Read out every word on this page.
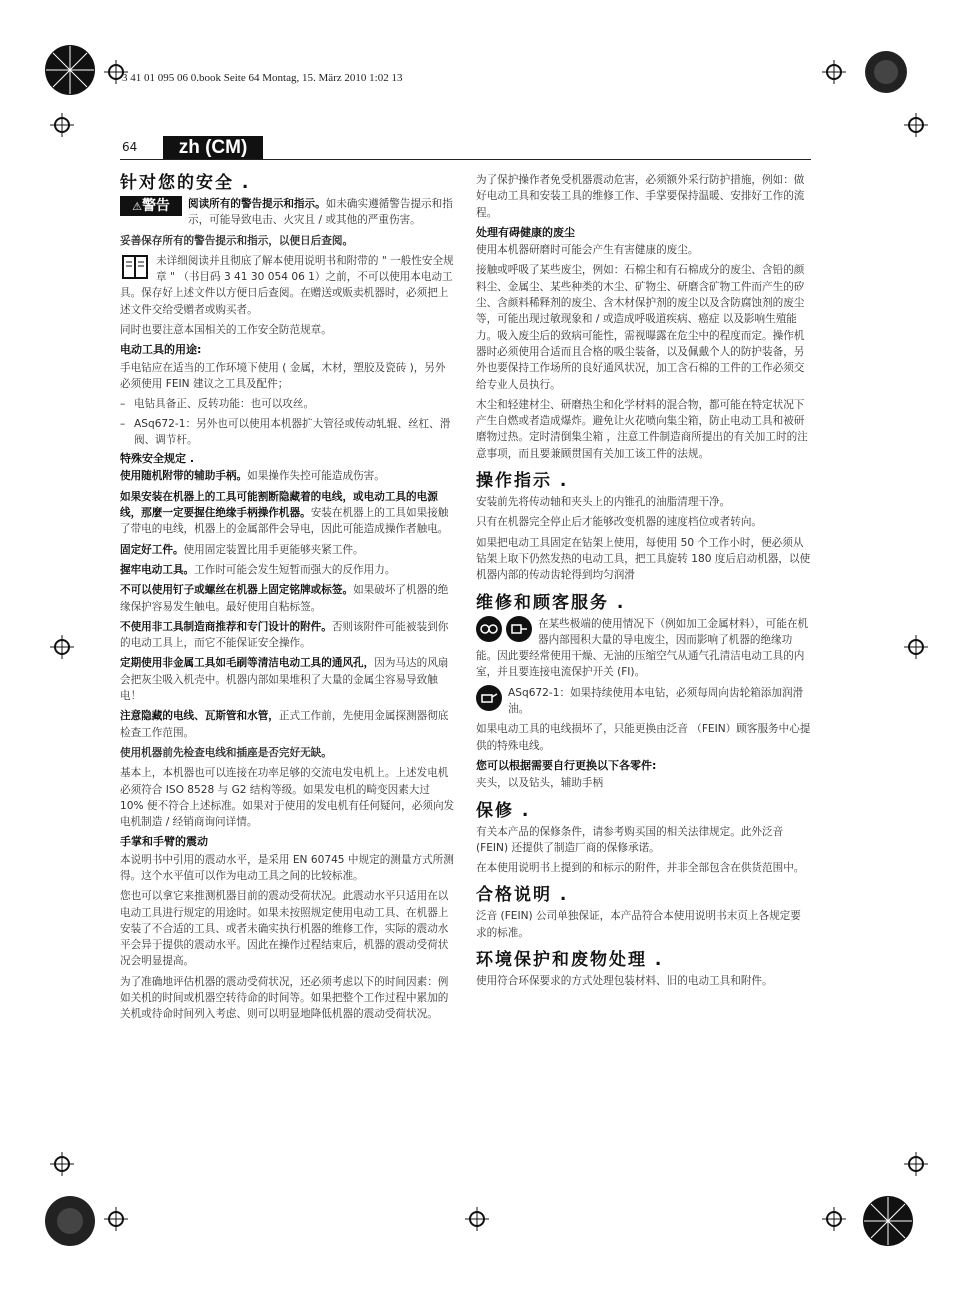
3 41 01 095 06 0.book Seite 64 Montag, 15. März 2010 1:02 13
64	zh (CM)
针对您的安全 .

⚠警告	阅读所有的警告提示和指示。如未确实遵循警告提示和指示，可能导致电击、火灾且 / 或其他的严重伤害。

妥善保存所有的警告提示和指示，以便日后查阅。

未详细阅读并且彻底了解本使用说明书和附带的 " 一般性安全规章 " （书目码 3 41 30 054 06 1）之前，不可以使用本电动工具。保存好上述文件以方便日后查阅。在赠送或贩卖机器时，必须把上述文件交给受赠者或购买者。

同时也要注意本国相关的工作安全防范规章。

电动工具的用途:

手电钻应在适当的工作环境下使用 ( 金属，木材，塑胶及瓷砖 )，另外必须使用 FEIN 建议之工具及配件；

– 电钻具备正、反转功能：也可以攻丝。
– ASq672-1：另外也可以使用本机器扩大管径或传动轧辊、丝杠、滑阀、调节杆。
特殊安全规定 .

使用随机附带的辅助手柄。如果操作失控可能造成伤害。

如果安装在机器上的工具可能割断隐藏着的电线，或电动工具的电源线，那麼一定要握住绝缘手柄操作机器。安装在机器上的工具如果接触了带电的电线，机器上的金属部件会导电，因此可能造成操作者触电。

固定好工件。使用固定装置比用手更能够夹紧工件。

握牢电动工具。工作时可能会发生短暂而强大的反作用力。

不可以使用钉子或螺丝在机器上固定铭牌或标签。如果破坏了机器的绝缘保护容易发生触电。最好使用自粘标签。

不使用非工具制造商推荐和专门设计的附件。否则该附件可能被装到你的电动工具上，而它不能保证安全操作。

定期使用非金属工具如毛刷等清洁电动工具的通风孔，因为马达的风扇会把灰尘吸入机壳中。机器内部如果堆积了大量的金属尘容易导致触电！

注意隐藏的电线、瓦斯管和水管，正式工作前，先使用金属探测器彻底检查工作范围。

使用机器前先检查电线和插座是否完好无缺。

基本上，本机器也可以连接在功率足够的交流电发电机上。上述发电机必须符合 ISO 8528 与 G2 结构等级。如果发电机的畸变因素大过 10% 便不符合上述标准。如果对于使用的发电机有任何疑问，必须向发电机制造 / 经销商询问详情。

手掌和手臂的震动

本说明书中引用的震动水平，是采用 EN 60745 中规定的测量方式所测得。这个水平值可以作为电动工具之间的比较标准。

您也可以拿它来推测机器目前的震动受荷状况。此震动水平只适用在以电动工具进行规定的用途时。如果未按照规定使用电动工具、在机器上安装了不合适的工具、或者未确实执行机器的维修工作，实际的震动水平会异于提供的震动水平。因此在操作过程结束后，机器的震动受荷状况会明显提高。

为了准确地评估机器的震动受荷状况，还必须考虑以下的时间因素：例如关机的时间或机器空转待命的时间等。如果把整个工作过程中累加的关机或待命时间列入考虑、则可以明显地降低机器的震动受荷状况。

为了保护操作者免受机器震动危害，必须额外采行防护措施，例如：做好电动工具和安装工具的维修工作、手掌要保持温暖、安排好工作的流程。

处理有碍健康的废尘

使用本机器研磨时可能会产生有害健康的废尘。

接触或呼吸了某些废尘，例如：石棉尘和有石棉成分的废尘、含铅的颜料尘、金属尘、某些种类的木尘、矿物尘、研磨含矿物工件而产生的矽尘、含颜料稀释剂的废尘、含木材保护剂的废尘以及含防腐蚀剂的废尘等，可能出现过敏现象和 / 或造成呼吸道疾病、癌症 以及影响生殖能力。吸入废尘后的致病可能性，需视曝露在危尘中的程度而定。操作机器时必须使用合适而且合格的吸尘装备，以及佩戴个人的防护装备，另外也要保持工作场所的良好通风状况，加工含石棉的工件的工作必须交给专业人员执行。

木尘和轻建材尘、研磨热尘和化学材料的混合物，都可能在特定状况下产生自燃或者造成爆炸。避免让火花喷向集尘箱，防止电动工具和被研磨物过热。定时清倒集尘箱 ，注意工件制造商所提出的有关加工时的注意事项，而且要兼顾贯国有关加工该工件的法规。

操作指示 .

安装前先将传动轴和夹头上的内锥孔的油脂清理干净。

只有在机器完全停止后才能够改变机器的速度档位或者转向。

如果把电动工具固定在钻架上使用，每使用 50 个工作小时，便必须从钻架上取下仍然发热的电动工具，把工具旋转 180 度后启动机器，以使机器内部的传动齿轮得到均匀润滑

维修和顾客服务 .

在某些极端的使用情况下（例如加工金属材料），可能在机器内部囤积大量的导电废尘，因而影响了机器的绝缘功能。因此要经常使用干燥、无油的压缩空气从通气孔清洁电动工具的内室，并且要连接电流保护开关 (FI)。

ASq672-1：如果持续使用本电钻，必须每周向齿轮箱添加润滑油。

如果电动工具的电线损坏了，只能更换由泛音 （FEIN）顾客服务中心提供的特殊电线。

您可以根据需要自行更换以下各零件:

夹头，以及钻头，辅助手柄

保修 .

有关本产品的保修条件，请参考购买国的相关法律规定。此外泛音 (FEIN) 还提供了制造厂商的保修承诺。

在本使用说明书上提到的和标示的附件，并非全部包含在供货范围中。

合格说明 .

泛音 (FEIN) 公司单独保证，本产品符合本使用说明书末页上各规定要求的标准。

环境保护和废物处理 .

使用符合环保要求的方式处理包装材料、旧的电动工具和附件。
